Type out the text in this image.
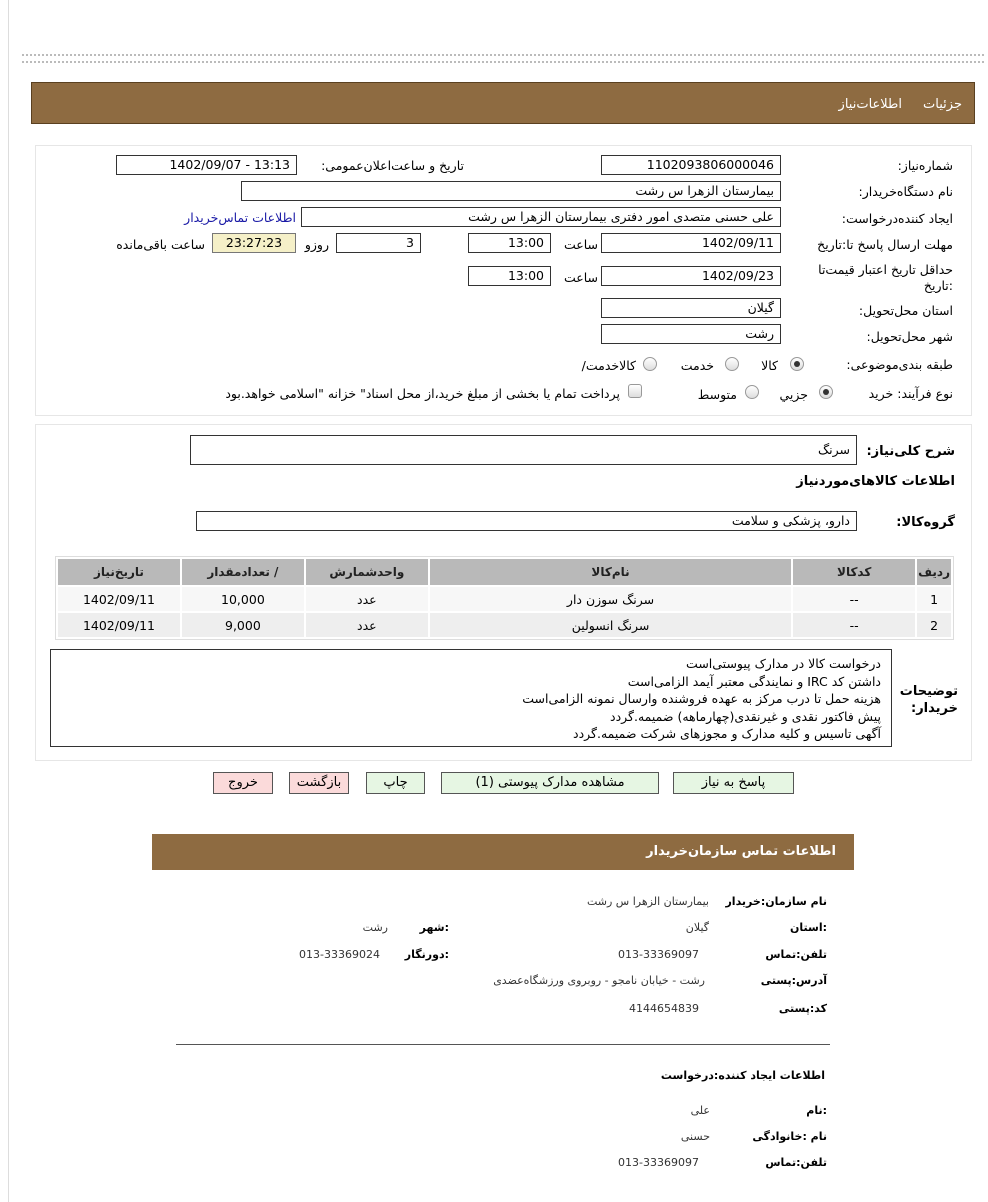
جزئيات
اطلاعات‌نیاز
شماره‌نیاز:
1102093806000046
تاریخ و ساعت‌اعلان‌عمومی:
1402/09/07 - 13:13
نام دستگاه‌خریدار:
بیمارستان الزهرا س رشت
ایجاد کننده‌درخواست:
علی حسنی متصدی امور دفتری بیمارستان الزهرا س رشت
اطلاعات تماس‌خریدار
مهلت ارسال ‌پاسخ تا‌:تاریخ
1402/09/11
ساعت
13:00
3
روزو
23:27:23
ساعت باقی‌مانده
حداقل تاریخ اعتبار ‌قیمت‌تا
:تاریخ
1402/09/23
ساعت
13:00
استان محل‌تحویل:
گیلان
شهر محل‌تحویل:
رشت
طبقه بندی‌موضوعی:
کالا
خدمت
کالاخدمت/
نوع فرآیند: خرید
جزیي
متوسط
پرداخت تمام یا بخشی از مبلغ خرید،از محل اسناد" خزانه "اسلامی خواهد.بود
شرح کلی‌نیاز:
سرنگ
اطلاعات کالاهای‌موردنیاز
گروه‌کالا:
دارو، پزشکی و سلامت
ردیف	کدکالا	نام‌کالا	واحدشمارش	/ تعدادمقدار	تاریخ‌نیاز
1	--	سرنگ سوزن دار	عدد	10,000	1402/09/11
2	--	سرنگ انسولین	عدد	9,000	1402/09/11
توضیحات خریدار:
درخواست کالا در مدارک پیوستی‌است
داشتن کد IRC و نمایندگی معتبر آیمد الزامی‌است
هزینه حمل تا درب مرکز به عهده فروشنده وارسال نمونه الزامی‌است
پیش فاکتور نقدی و غیرنقدی(چهارماهه) ضمیمه.گردد
آگهی تاسیس و کلیه مدارک و مجوزهای شرکت ضمیمه.گردد
پاسخ به نیاز
مشاهده مدارک پیوستی (1)
چاپ
بازگشت
خروج
اطلاعات تماس سازمان‌خریدار
نام سازمان‌:خریدار
بیمارستان الزهرا س رشت
:استان
گیلان
:شهر
رشت
تلفن‌:تماس
013-33369097
:دورنگار
013-33369024
آدرس‌:پستی
رشت - خیابان نامجو - روبروی ورزشگاه‌عضدی
کد‌:پستی
4144654839
اطلاعات ایجاد کننده‌:درخواست
:نام
علی
نام :خانوادگی
حسنی
تلفن‌:تماس
013-33369097
